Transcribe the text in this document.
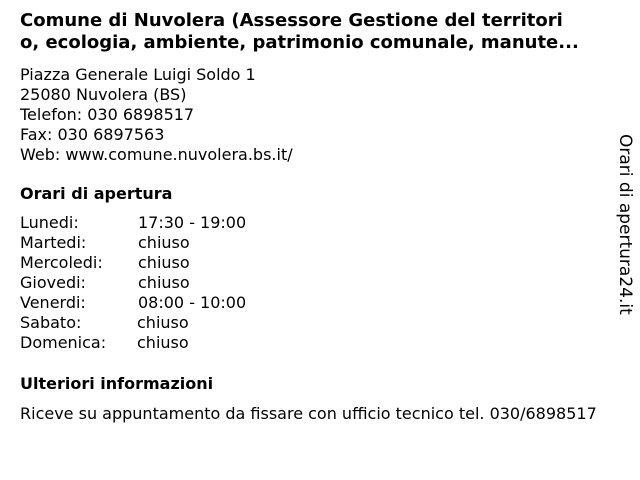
Comune di Nuvolera (Assessore Gestione del territori
o, ecologia, ambiente, patrimonio comunale, manute...
Piazza Generale Luigi Soldo 1
25080 Nuvolera (BS)
Telefon: 030 6898517
Fax: 030 6897563
Web: www.comune.nuvolera.bs.it/
Orari di apertura
Lunedi:	17:30 - 19:00
Martedi:	chiuso
Mercoledi: chiuso
Giovedi:	chiuso
Venerdi:	08:00 - 10:00
Sabato:	chiuso
Domenica: chiuso
Ulteriori informazioni
Riceve su appuntamento da fissare con ufficio tecnico tel. 030/6898517
Orari di apertura24.it
